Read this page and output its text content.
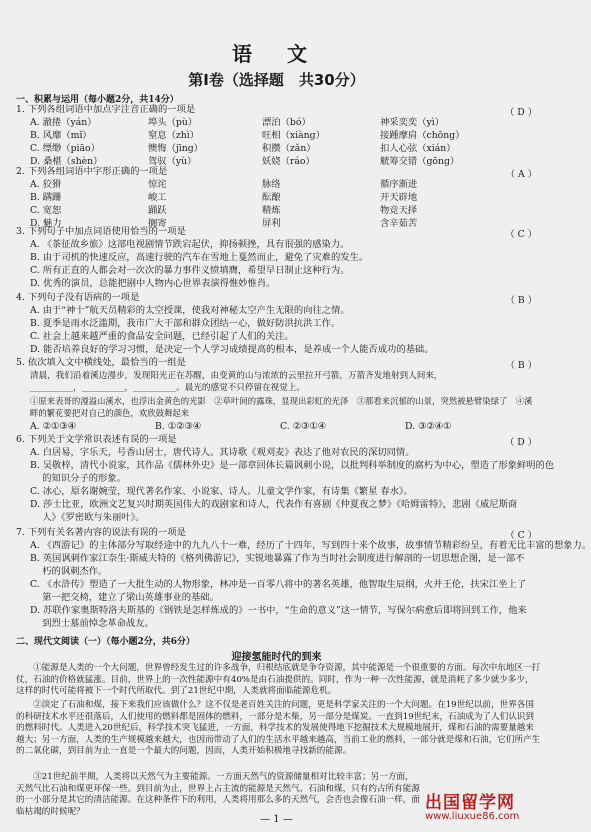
语 文
第Ⅰ卷（选择题　共30分）
一、积累与运用（每小题2分，共14分）
1. 下列各组词语中加点字注音正确的一项是	（ D ）
A. 澈捲（yán）	埠头（pù）	漂泊（bó）	神采奕奕（yì）
B. 风靡（mǐ）	窒息（zhì）	旺相（xiàng）	接踵摩肩（chōng）
C. 缥缈（piāo）	懊悔（jīng）	积攒（zǎn）	扣人心弦（xián）
D. 桑椹（shèn）	驾驭（yù）	妖娆（ráo）	觥筹交错（gōng）
2. 下列各组词语中字形正确的一项是	（ A ）
A. 狡猾	惊诧	脉络	循序渐进
B. 蹒跚	峻工	酝酿	开天辟地
C. 宽恕	踊跃	精炼	物竞天择
D. 魅力	搁寄	屏利	含辛茹苦
3. 下列句子中加点词语使用恰当的一项是	（ C ）
A. 《茶征故乡旅》这部电视剧情节跌宕起伏，抑扬顿挫，具有很强的感染力。
B. 由于司机的快速反应，高速行驶的汽车在雪地上戛然而止，避免了灾难的发生。
C. 所有正直的人都会对一次次的暴力事件义愤填膺，希望早日制止这种行为。
D. 优秀的演员，总能把剧中人物内心世界表演得惟妙惟肖。
4. 下列句子没有语病的一项是	（ B ）
A. 由于“神十”航天员精彩的太空授课，使我对神秘太空产生无限的向往之情。
B. 夏季是雨水泛滥期，我市广大干部和群众团结一心，做好防洪抗洪工作。
C. 社会上越来越严重的食品安全问题，已经引起了人们的关注。
D. 能否培养良好的学习习惯，是决定一个人学习成绩提高的根本，是养成一个人能否成功的基础。
5. 依次填入文中横线处，最恰当的一组是	（ B ）
清晨，我们沿着溪边漫步，发现阳光正在苏醒，由变黄的山与浓浓的云里拉开弓箭，万箭齐发地射到人间来，
__________，__________，__________。晨光的感觉不只停留在视觉上。
①原来表哥的漫溢山溪水，也浮出金黄色的光影　②草叶间的露珠，显现出彩虹的光泽　③那看来沉郁的山景，突然被悬臂染绿了　④溪畔的繁花要把对自己的颜色，欢欣鼓舞起来
A. ②①③④	B. ①②③④	C. ②③①④	D. ③②④①
6. 下列关于文学常识表述有误的一项是	（ D ）
A. 白居易，字乐天，号香山居士，唐代诗人。其诗歌《观刈麦》表达了他对农民的深切同情。
B. 吴敬梓，清代小说家，其作品《儒林外史》是一部章回体长篇讽刺小说，以批判科举制度的腐朽为中心，塑造了形象鲜明的色
　 的知识分子的形象。
C. 冰心，原名谢婉莹，现代著名作家、小说家、诗人、儿童文学作家，有诗集《繁星 春水》。
D. 莎士比亚，欧洲文艺复兴时期英国伟大的戏剧家和诗人，代表作有喜剧《仲夏夜之梦》《哈姆雷特》，悲剧《威尼斯商
　 人》《罗密欧与朱丽叶》。
7. 下列有关名著内容的说法有误的一项是	（ C ）
A. 《西游记》的主体部分写取经途中的九九八十一难，经历了十四年，写到四十来个故事，故事情节精彩纷呈，有着无比丰富的想象力。
B. 英国讽刺作家江奈生·斯威夫特的《格列佛游记》，实锐地暴露了作为当时社会制度进行解剖的一切思想企图，是一部不
　 朽的讽刺杰作。
C. 《水浒传》塑造了一大批生动的人物形象，林冲是一百零八将中的著名英雄，他智取生辰纲，火并王伦，扶宋江坐上了
　 第一把交椅，建立了梁山英雄事业的基础。
D. 苏联作家奥斯特洛夫斯基的《钢铁是怎样炼成的》一书中，“生命的意义”这一情节，写保尔病愈后即将回到工作，他来
　 到烈士墓前悼念革命战友。
二、现代文阅读（一）（每小题2分，共6分）
迎接氢能时代的到来
①能源是人类的一个大问题，世界曾经发生过的许多战争，归根结底就是争夺资源，其中能源是一个很重要的方面。每次中东地区一打仗，石油的价格就猛涨。目前，世界上的一次性能源中有40%是由石油提供的。同时，作为一种一次性能源，就是消耗了多少就少多少，这样的时代可能将被下一个时代所取代。到了21世纪中期，人类就将面临能源危机。
②淡定了石油和煤，接下来我们应该做什么？这不仅是老百姓关注的问题，更是科学家关注的一个大问题。在19世纪以前，世界各国的科研技术水平还很落后，人们使用的燃料都是固体的燃料，一部分是木柴，另一部分是煤炭。一直到19世纪末，石油成为了人们认识到的燃料时代。人类进入20世纪后，科学技术突飞猛进，一方面，科学技术的发展使得地下挖掘技术大规模地展开，煤和石油的需要量越来越大；另一方面，人类的生产规模越来越大，也因而带动了人们的生活水平越来越高，当前工业的燃料，一部分就是煤和石油，它们所产生的二氧化碳，到目前为止一直是一个最大的问题，因而，人类开始积极地寻找新的能源。
③21世纪前半期，人类将以天然气为主要能源。一方面天然气的资源储量相对比较丰富；另一方面，天然气比石油和煤更环保一些。到目前为止，世界上占主流的能源是天然气、石油和煤，只有约占所有能源的一小部分是其它的清洁能源。在这种条件下的利用，人类将用那么多的天然气，会否也会像石油一样，面临枯竭的时候呢？
— 1 —
出国留学网
www.liuxue86.com
